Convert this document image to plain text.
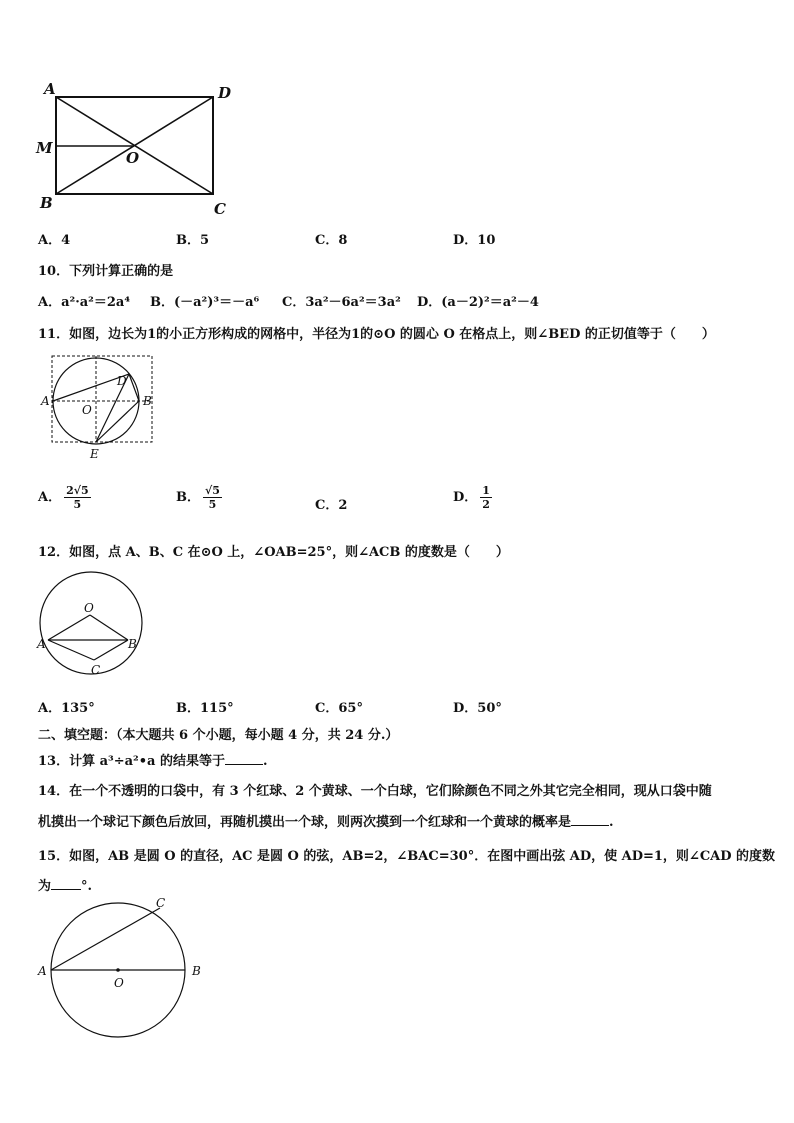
A	D
M
O
B	C
A．4	B．5	C．8	D．10
10．下列计算正确的是
A．a²·a²＝2a⁴ B．(－a²)³＝－a⁶ C．3a²－6a²＝3a² D．(a－2)²＝a²－4
11．如图，边长为1的小正方形构成的网格中，半径为1的⊙O 的圆心 O 在格点上，则∠BED 的正切值等于（　　）
A
D
O
B
E
A． $\frac{2√5}{5}$	B． $\frac{√5}{5}$	C．2
D． $\frac{1}{2}$
12．如图，点 A、B、C 在⊙O 上，∠OAB=25°，则∠ACB 的度数是（　　）
O
A	B
C
A．135°	B．115°	C．65°	D．50°
二、填空题：（本大题共 6 个小题，每小题 4 分，共 24 分.）
13．计算 a³÷a²•a 的结果等于	.
14．在一个不透明的口袋中，有 3 个红球、2 个黄球、一个白球，它们除颜色不同之外其它完全相同，现从口袋中随
机摸出一个球记下颜色后放回，再随机摸出一个球，则两次摸到一个红球和一个黄球的概率是	.
15．如图，AB 是圆 O 的直径，AC 是圆 O 的弦，AB=2，∠BAC=30°．在图中画出弦 AD，使 AD=1，则∠CAD 的度数
为 °.
C
A
O
B
